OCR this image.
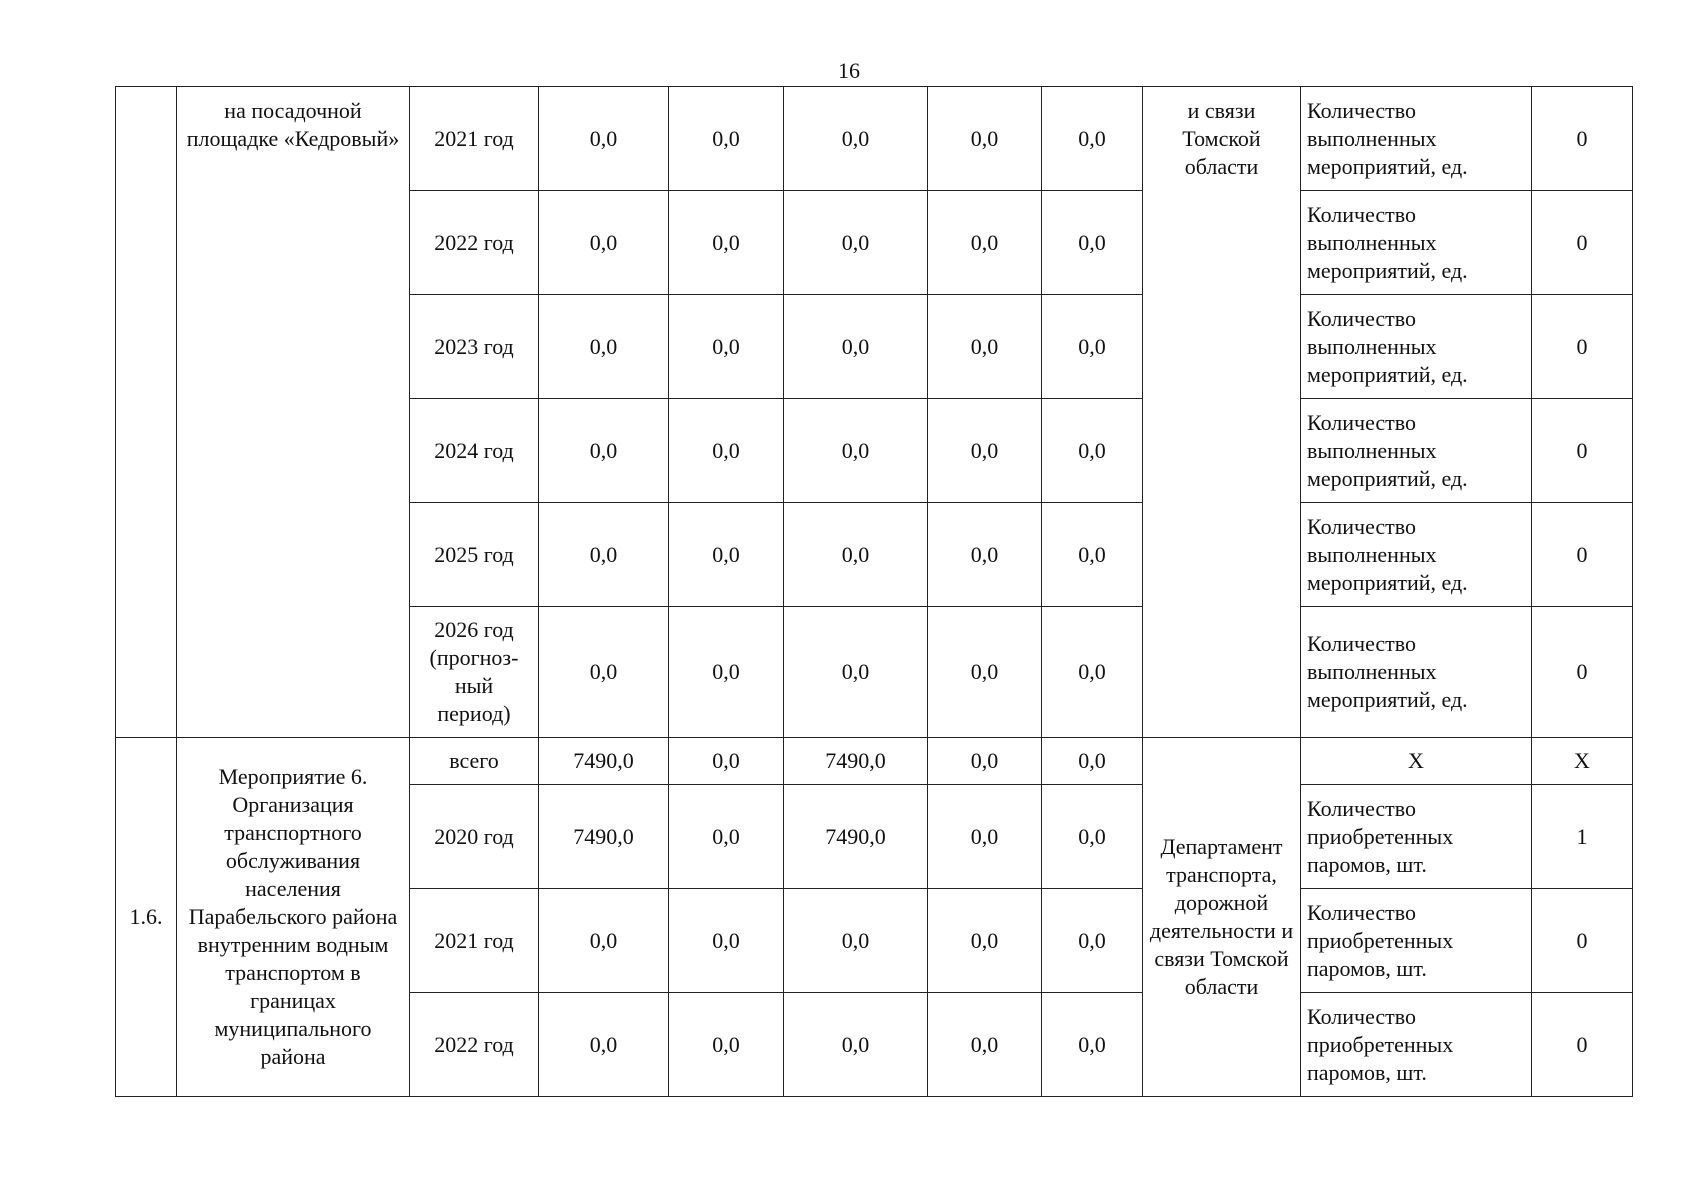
16
	на посадочной площадке «Кедровый»	2021 год	0,0	0,0	0,0	0,0	0,0	и связи Томской области	Количество выполненных мероприятий, ед.	0
		2022 год	0,0	0,0	0,0	0,0	0,0		Количество выполненных мероприятий, ед.	0
		2023 год	0,0	0,0	0,0	0,0	0,0		Количество выполненных мероприятий, ед.	0
		2024 год	0,0	0,0	0,0	0,0	0,0		Количество выполненных мероприятий, ед.	0
		2025 год	0,0	0,0	0,0	0,0	0,0		Количество выполненных мероприятий, ед.	0
		2026 год (прогноз-ный период)	0,0	0,0	0,0	0,0	0,0		Количество выполненных мероприятий, ед.	0
1.6.	Мероприятие 6. Организация транспортного обслуживания населения Парабельского района внутренним водным транспортом в границах муниципального района	всего	7490,0	0,0	7490,0	0,0	0,0	Департамент транспорта, дорожной деятельности и связи Томской области	X	X
		2020 год	7490,0	0,0	7490,0	0,0	0,0		Количество приобретенных паромов, шт.	1
		2021 год	0,0	0,0	0,0	0,0	0,0		Количество приобретенных паромов, шт.	0
		2022 год	0,0	0,0	0,0	0,0	0,0		Количество приобретенных паромов, шт.	0
